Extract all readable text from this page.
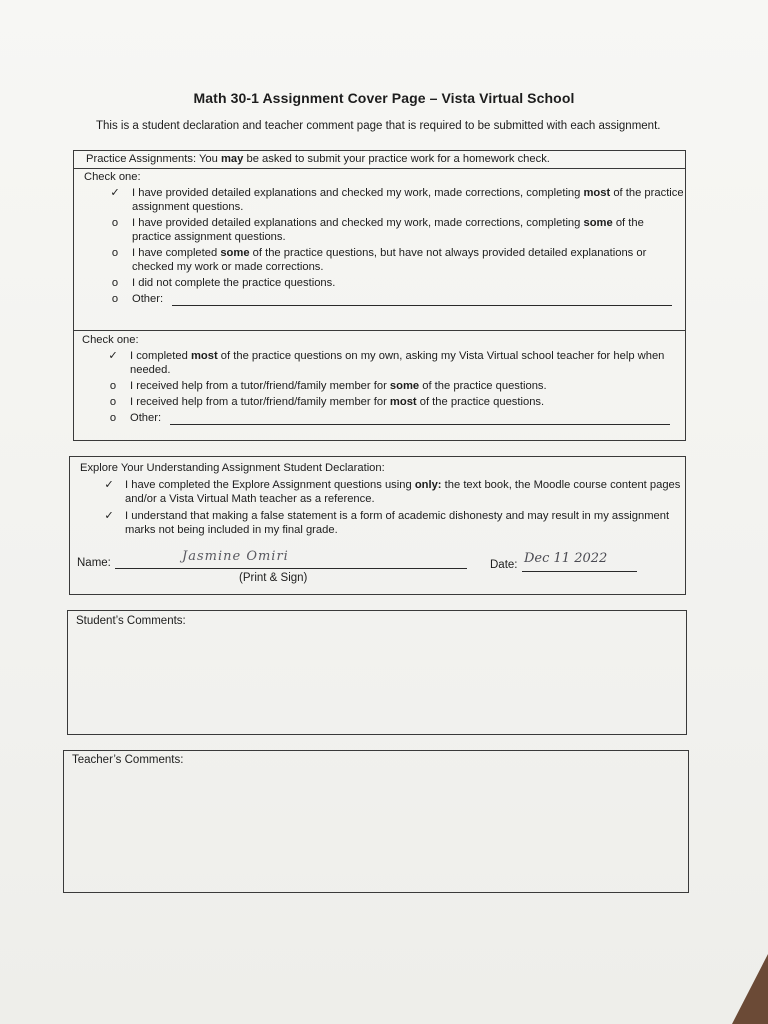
Math 30-1 Assignment Cover Page – Vista Virtual School
This is a student declaration and teacher comment page that is required to be submitted with each assignment.
Practice Assignments: You may be asked to submit your practice work for a homework check.
Check one:
✓ I have provided detailed explanations and checked my work, made corrections, completing most of the practice assignment questions.
o	I have provided detailed explanations and checked my work, made corrections, completing some of the practice assignment questions.
o	I have completed some of the practice questions, but have not always provided detailed explanations or checked my work or made corrections.
o	I did not complete the practice questions.
o	Other:
Check one:
✓ I completed most of the practice questions on my own, asking my Vista Virtual school teacher for help when needed.
o	I received help from a tutor/friend/family member for some of the practice questions.
o	I received help from a tutor/friend/family member for most of the practice questions.
o	Other:
Explore Your Understanding Assignment Student Declaration:
✓ I have completed the Explore Assignment questions using only: the text book, the Moodle course content pages and/or a Vista Virtual Math teacher as a reference.
✓ I understand that making a false statement is a form of academic dishonesty and may result in my assignment marks not being included in my final grade.
Name:	Jasmine Omiri
(Print & Sign)
Date: Dec 11 2022
Student’s Comments:
Teacher’s Comments:
